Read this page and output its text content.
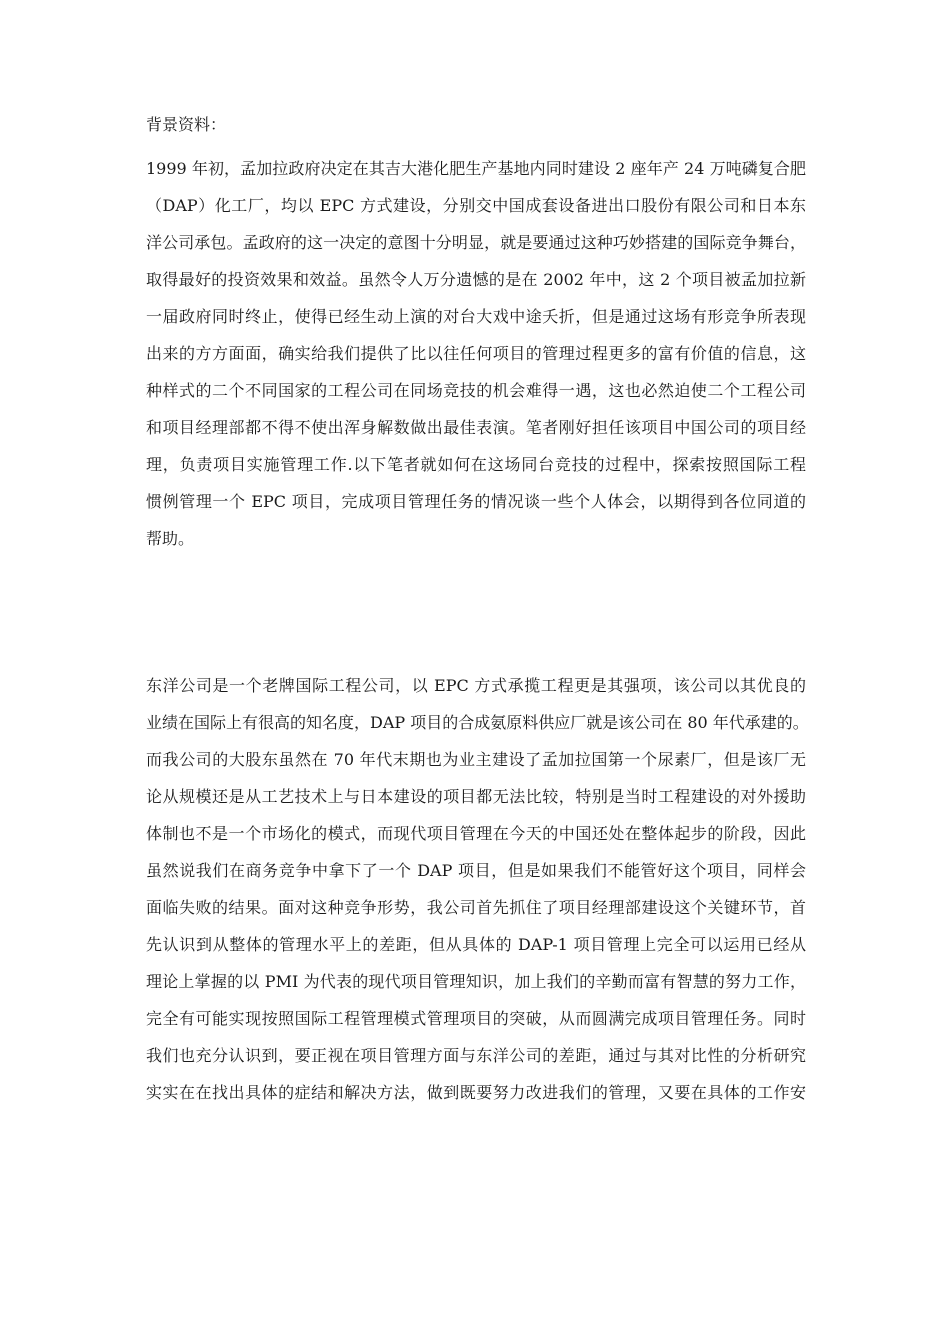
背景资料：
1999 年初，孟加拉政府决定在其吉大港化肥生产基地内同时建设 2 座年产 24 万吨磷复合肥
（DAP）化工厂，均以 EPC 方式建设，分别交中国成套设备进出口股份有限公司和日本东
洋公司承包。孟政府的这一决定的意图十分明显，就是要通过这种巧妙搭建的国际竞争舞台，
取得最好的投资效果和效益。虽然令人万分遗憾的是在 2002 年中，这 2 个项目被孟加拉新
一届政府同时终止，使得已经生动上演的对台大戏中途夭折，但是通过这场有形竞争所表现
出来的方方面面，确实给我们提供了比以往任何项目的管理过程更多的富有价值的信息，这
种样式的二个不同国家的工程公司在同场竞技的机会难得一遇，这也必然迫使二个工程公司
和项目经理部都不得不使出浑身解数做出最佳表演。笔者刚好担任该项目中国公司的项目经
理，负责项目实施管理工作.以下笔者就如何在这场同台竞技的过程中，探索按照国际工程
惯例管理一个 EPC 项目，完成项目管理任务的情况谈一些个人体会，以期得到各位同道的
帮助。
东洋公司是一个老牌国际工程公司，以 EPC 方式承揽工程更是其强项，该公司以其优良的
业绩在国际上有很高的知名度，DAP 项目的合成氨原料供应厂就是该公司在 80 年代承建的。
而我公司的大股东虽然在 70 年代末期也为业主建设了孟加拉国第一个尿素厂，但是该厂无
论从规模还是从工艺技术上与日本建设的项目都无法比较，特别是当时工程建设的对外援助
体制也不是一个市场化的模式，而现代项目管理在今天的中国还处在整体起步的阶段，因此
虽然说我们在商务竞争中拿下了一个 DAP 项目，但是如果我们不能管好这个项目，同样会
面临失败的结果。面对这种竞争形势，我公司首先抓住了项目经理部建设这个关键环节，首
先认识到从整体的管理水平上的差距，但从具体的 DAP-1 项目管理上完全可以运用已经从
理论上掌握的以 PMI 为代表的现代项目管理知识，加上我们的辛勤而富有智慧的努力工作，
完全有可能实现按照国际工程管理模式管理项目的突破，从而圆满完成项目管理任务。同时
我们也充分认识到，要正视在项目管理方面与东洋公司的差距，通过与其对比性的分析研究
实实在在找出具体的症结和解决方法，做到既要努力改进我们的管理，又要在具体的工作安
